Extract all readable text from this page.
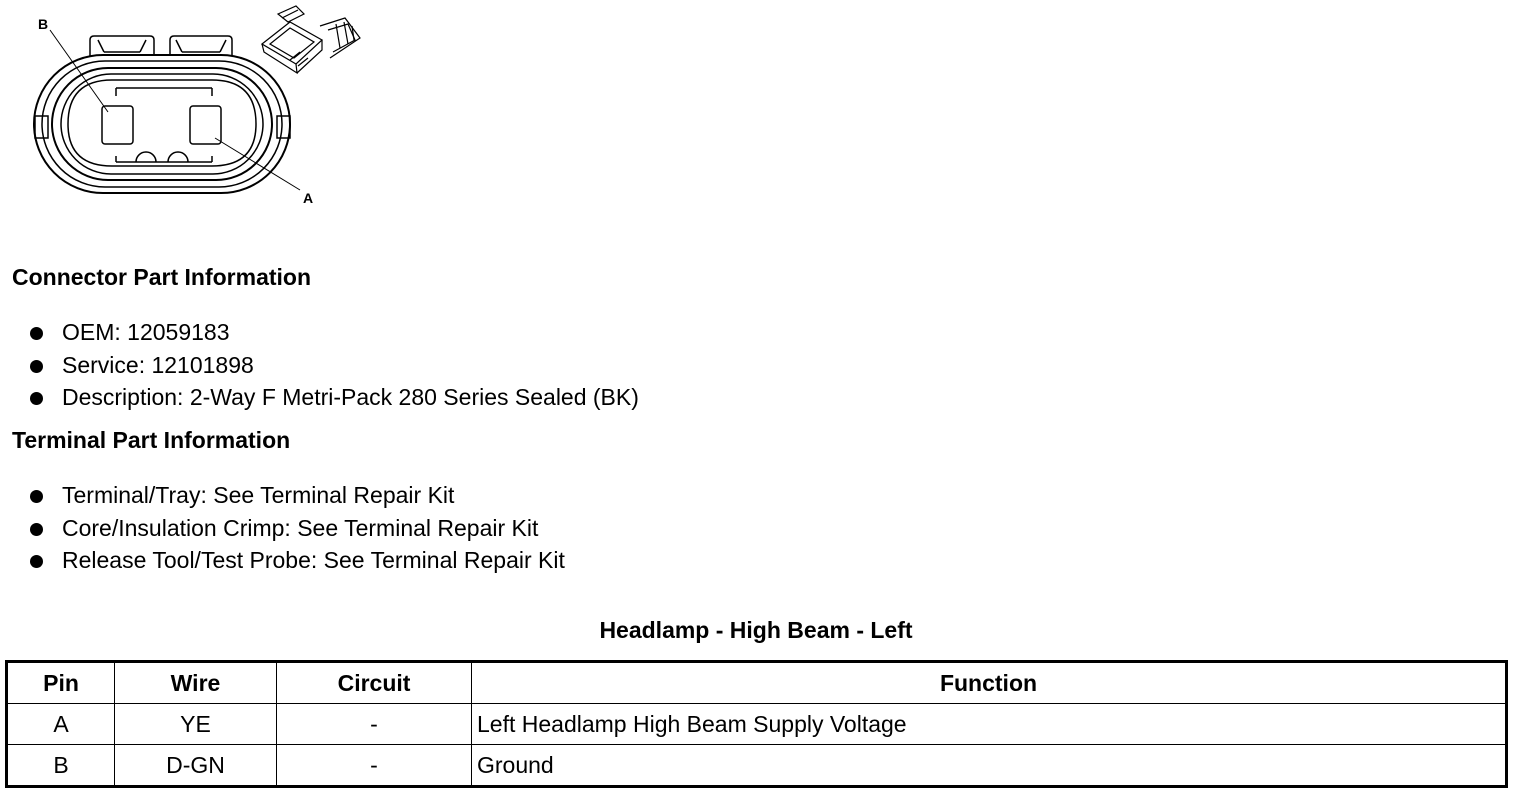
B
A
Connector Part Information
OEM: 12059183
Service: 12101898
Description: 2-Way F Metri-Pack 280 Series Sealed (BK)
Terminal Part Information
Terminal/Tray: See Terminal Repair Kit
Core/Insulation Crimp: See Terminal Repair Kit
Release Tool/Test Probe: See Terminal Repair Kit
Headlamp - High Beam - Left
Pin	Wire	Circuit	Function
A	YE	-	Left Headlamp High Beam Supply Voltage
B	D-GN	-	Ground
